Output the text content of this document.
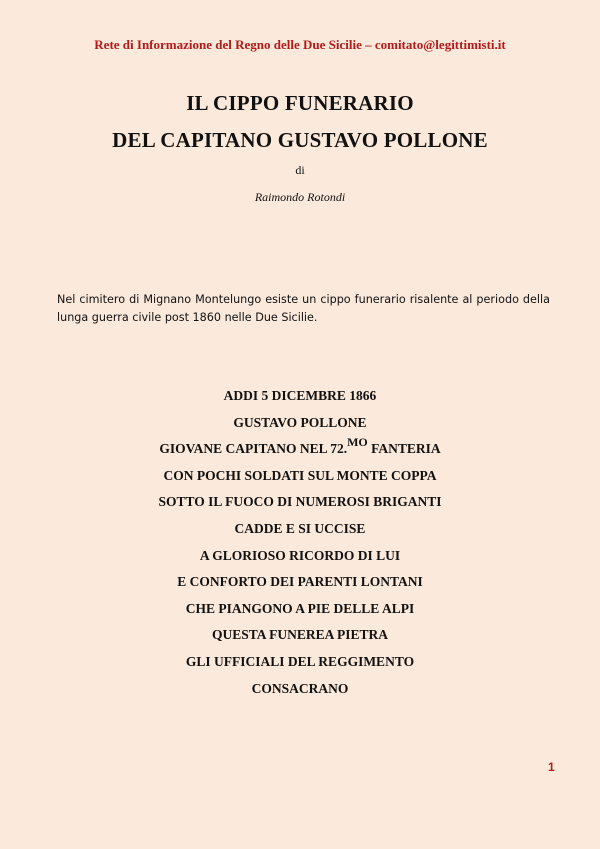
Rete di Informazione del Regno delle Due Sicilie – comitato@legittimisti.it
IL CIPPO FUNERARIO
DEL CAPITANO GUSTAVO POLLONE
di
Raimondo Rotondi
Nel cimitero di Mignano Montelungo esiste un cippo funerario risalente al periodo della
lunga guerra civile post 1860 nelle Due Sicilie.
ADDI 5 DICEMBRE 1866
GUSTAVO POLLONE
GIOVANE CAPITANO NEL 72.$^{MO}$ FANTERIA
CON POCHI SOLDATI SUL MONTE COPPA
SOTTO IL FUOCO DI NUMEROSI BRIGANTI
CADDE E SI UCCISE
A GLORIOSO RICORDO DI LUI
E CONFORTO DEI PARENTI LONTANI
CHE PIANGONO A PIE DELLE ALPI
QUESTA FUNEREA PIETRA
GLI UFFICIALI DEL REGGIMENTO
CONSACRANO
1
